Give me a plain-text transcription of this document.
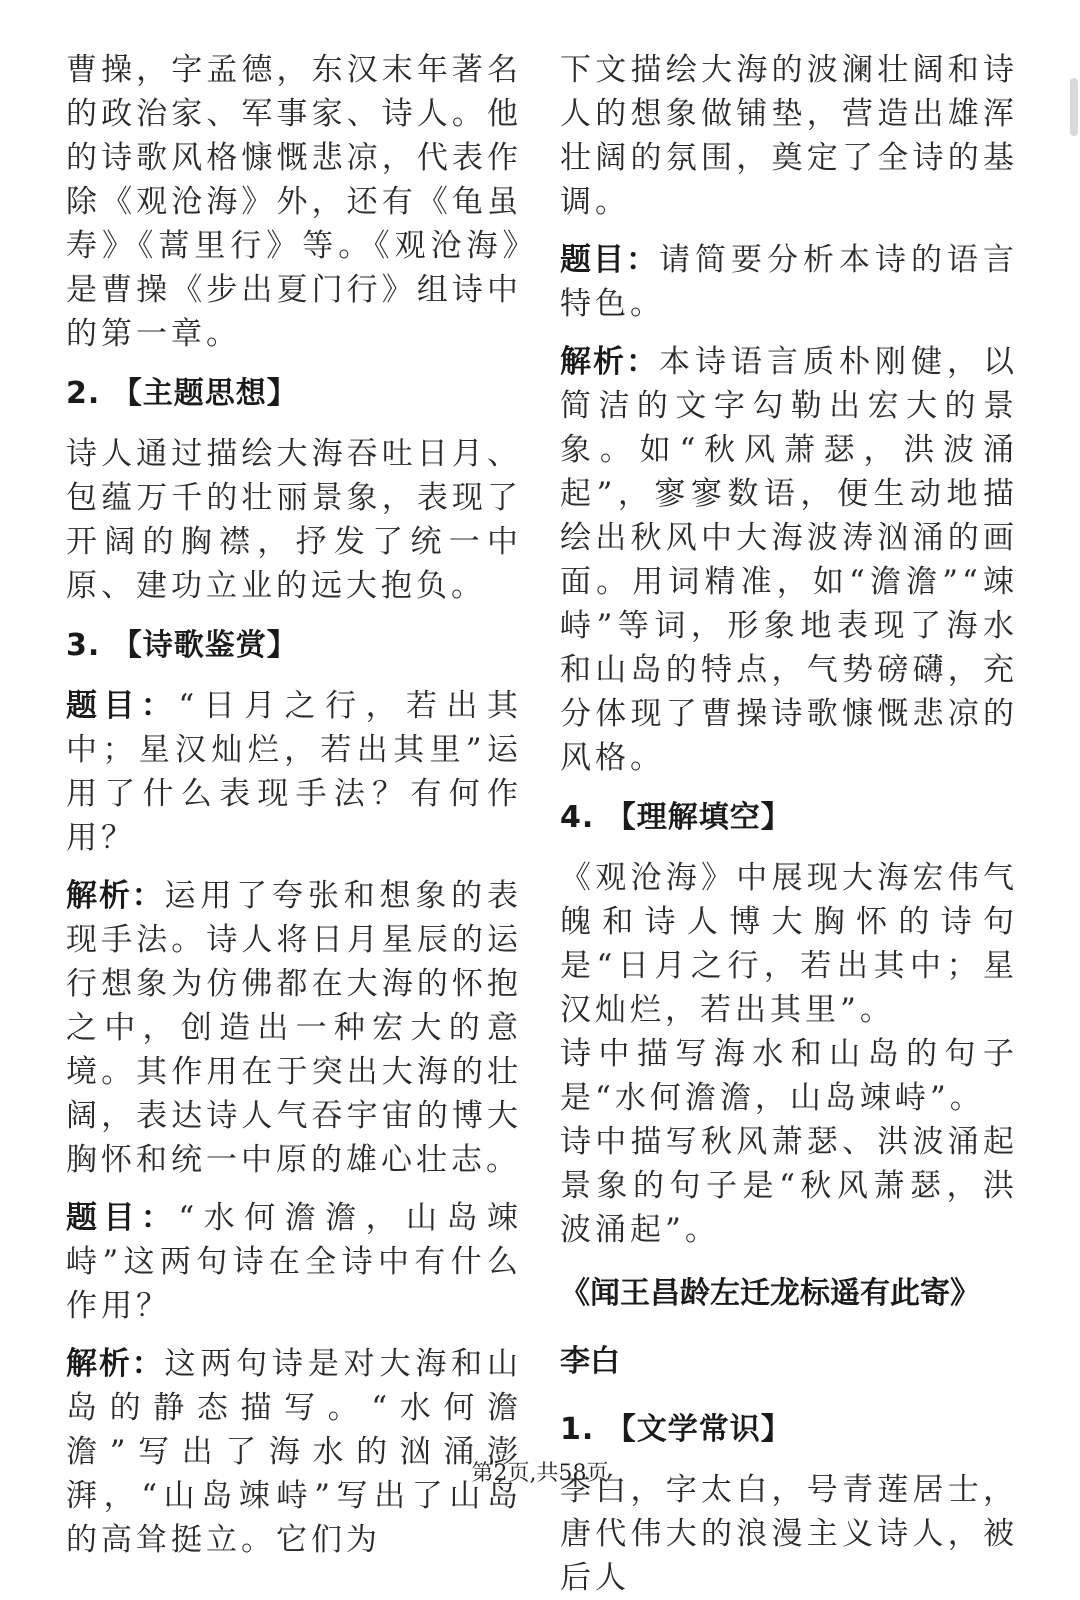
曹操，字孟德，东汉末年著名的政治家、军事家、诗人。他的诗歌风格慷慨悲凉，代表作除《观沧海》外，还有《龟虽寿》《蒿里行》等。《观沧海》是曹操《步出夏门行》组诗中的第一章。

2. 【主题思想】

诗人通过描绘大海吞吐日月、包蕴万千的壮丽景象，表现了开阔的胸襟，抒发了统一中原、建功立业的远大抱负。

3. 【诗歌鉴赏】

题目：“日月之行，若出其中；星汉灿烂，若出其里”运用了什么表现手法？有何作用？

解析：运用了夸张和想象的表现手法。诗人将日月星辰的运行想象为仿佛都在大海的怀抱之中，创造出一种宏大的意境。其作用在于突出大海的壮阔，表达诗人气吞宇宙的博大胸怀和统一中原的雄心壮志。

题目：“水何澹澹，山岛竦峙”这两句诗在全诗中有什么作用？

解析：这两句诗是对大海和山岛的静态描写。“水何澹澹”写出了海水的汹涌澎湃，“山岛竦峙”写出了山岛的高耸挺立。它们为

下文描绘大海的波澜壮阔和诗人的想象做铺垫，营造出雄浑壮阔的氛围，奠定了全诗的基调。

题目：请简要分析本诗的语言特色。

解析：本诗语言质朴刚健，以简洁的文字勾勒出宏大的景象。如“秋风萧瑟，洪波涌起”，寥寥数语，便生动地描绘出秋风中大海波涛汹涌的画面。用词精准，如“澹澹”“竦峙”等词，形象地表现了海水和山岛的特点，气势磅礴，充分体现了曹操诗歌慷慨悲凉的风格。

4. 【理解填空】

《观沧海》中展现大海宏伟气魄和诗人博大胸怀的诗句是“日月之行，若出其中；星汉灿烂，若出其里”。

诗中描写海水和山岛的句子是“水何澹澹，山岛竦峙”。

诗中描写秋风萧瑟、洪波涌起景象的句子是“秋风萧瑟，洪波涌起”。

《闻王昌龄左迁龙标遥有此寄》
李白
1. 【文学常识】

李白，字太白，号青莲居士，唐代伟大的浪漫主义诗人，被后人

第2页,共58页
